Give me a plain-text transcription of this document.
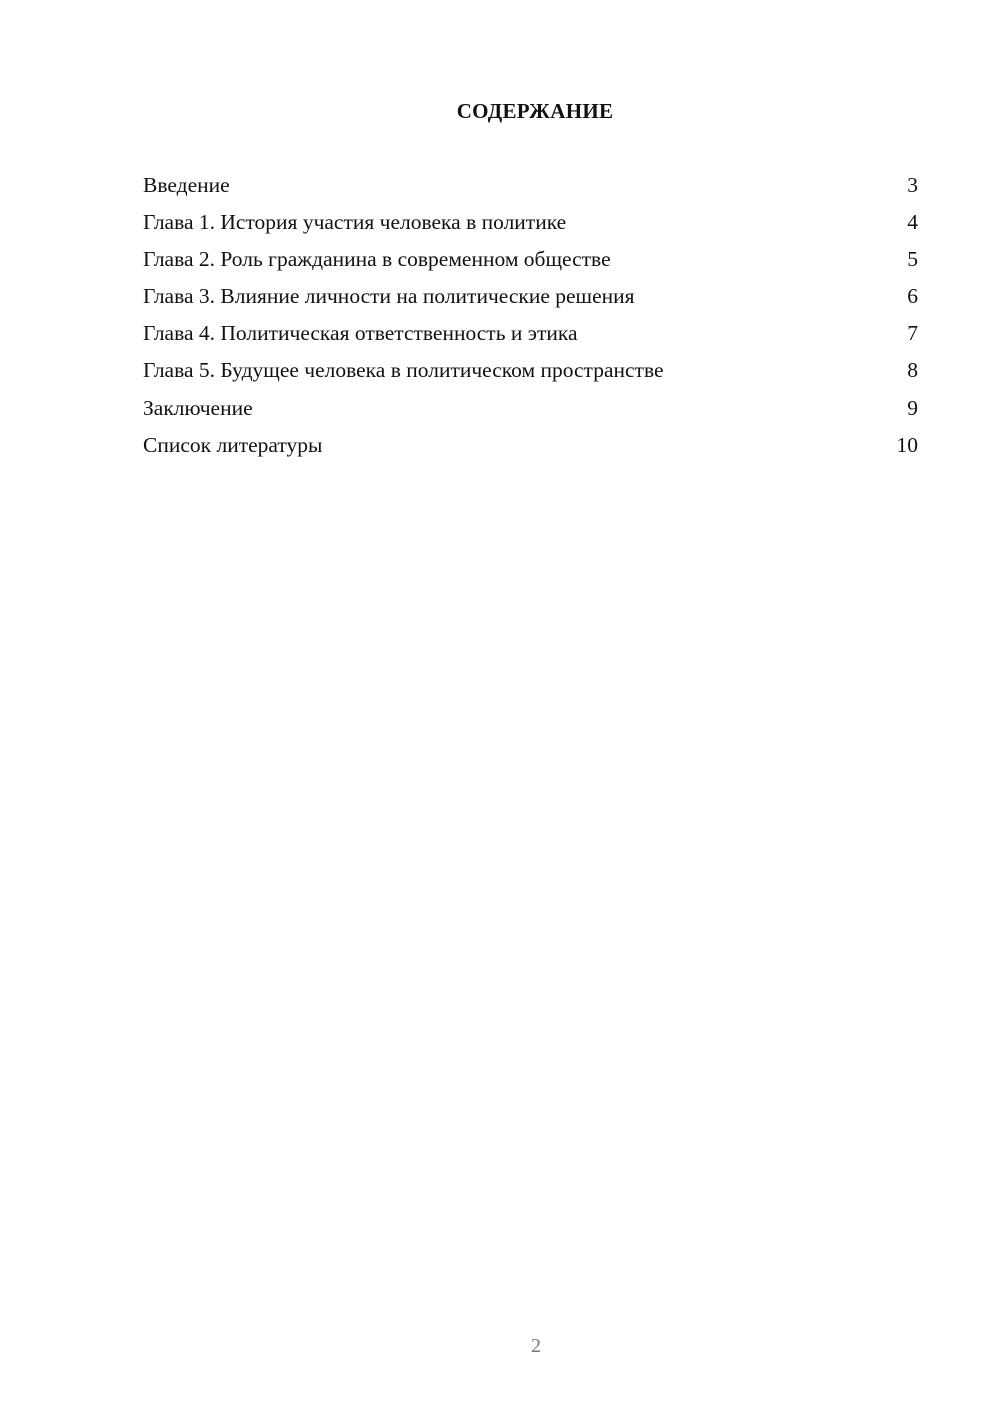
СОДЕРЖАНИЕ
Введение	3
Глава 1. История участия человека в политике	4
Глава 2. Роль гражданина в современном обществе	5
Глава 3. Влияние личности на политические решения	6
Глава 4. Политическая ответственность и этика	7
Глава 5. Будущее человека в политическом пространстве	8
Заключение	9
Список литературы	10
2
